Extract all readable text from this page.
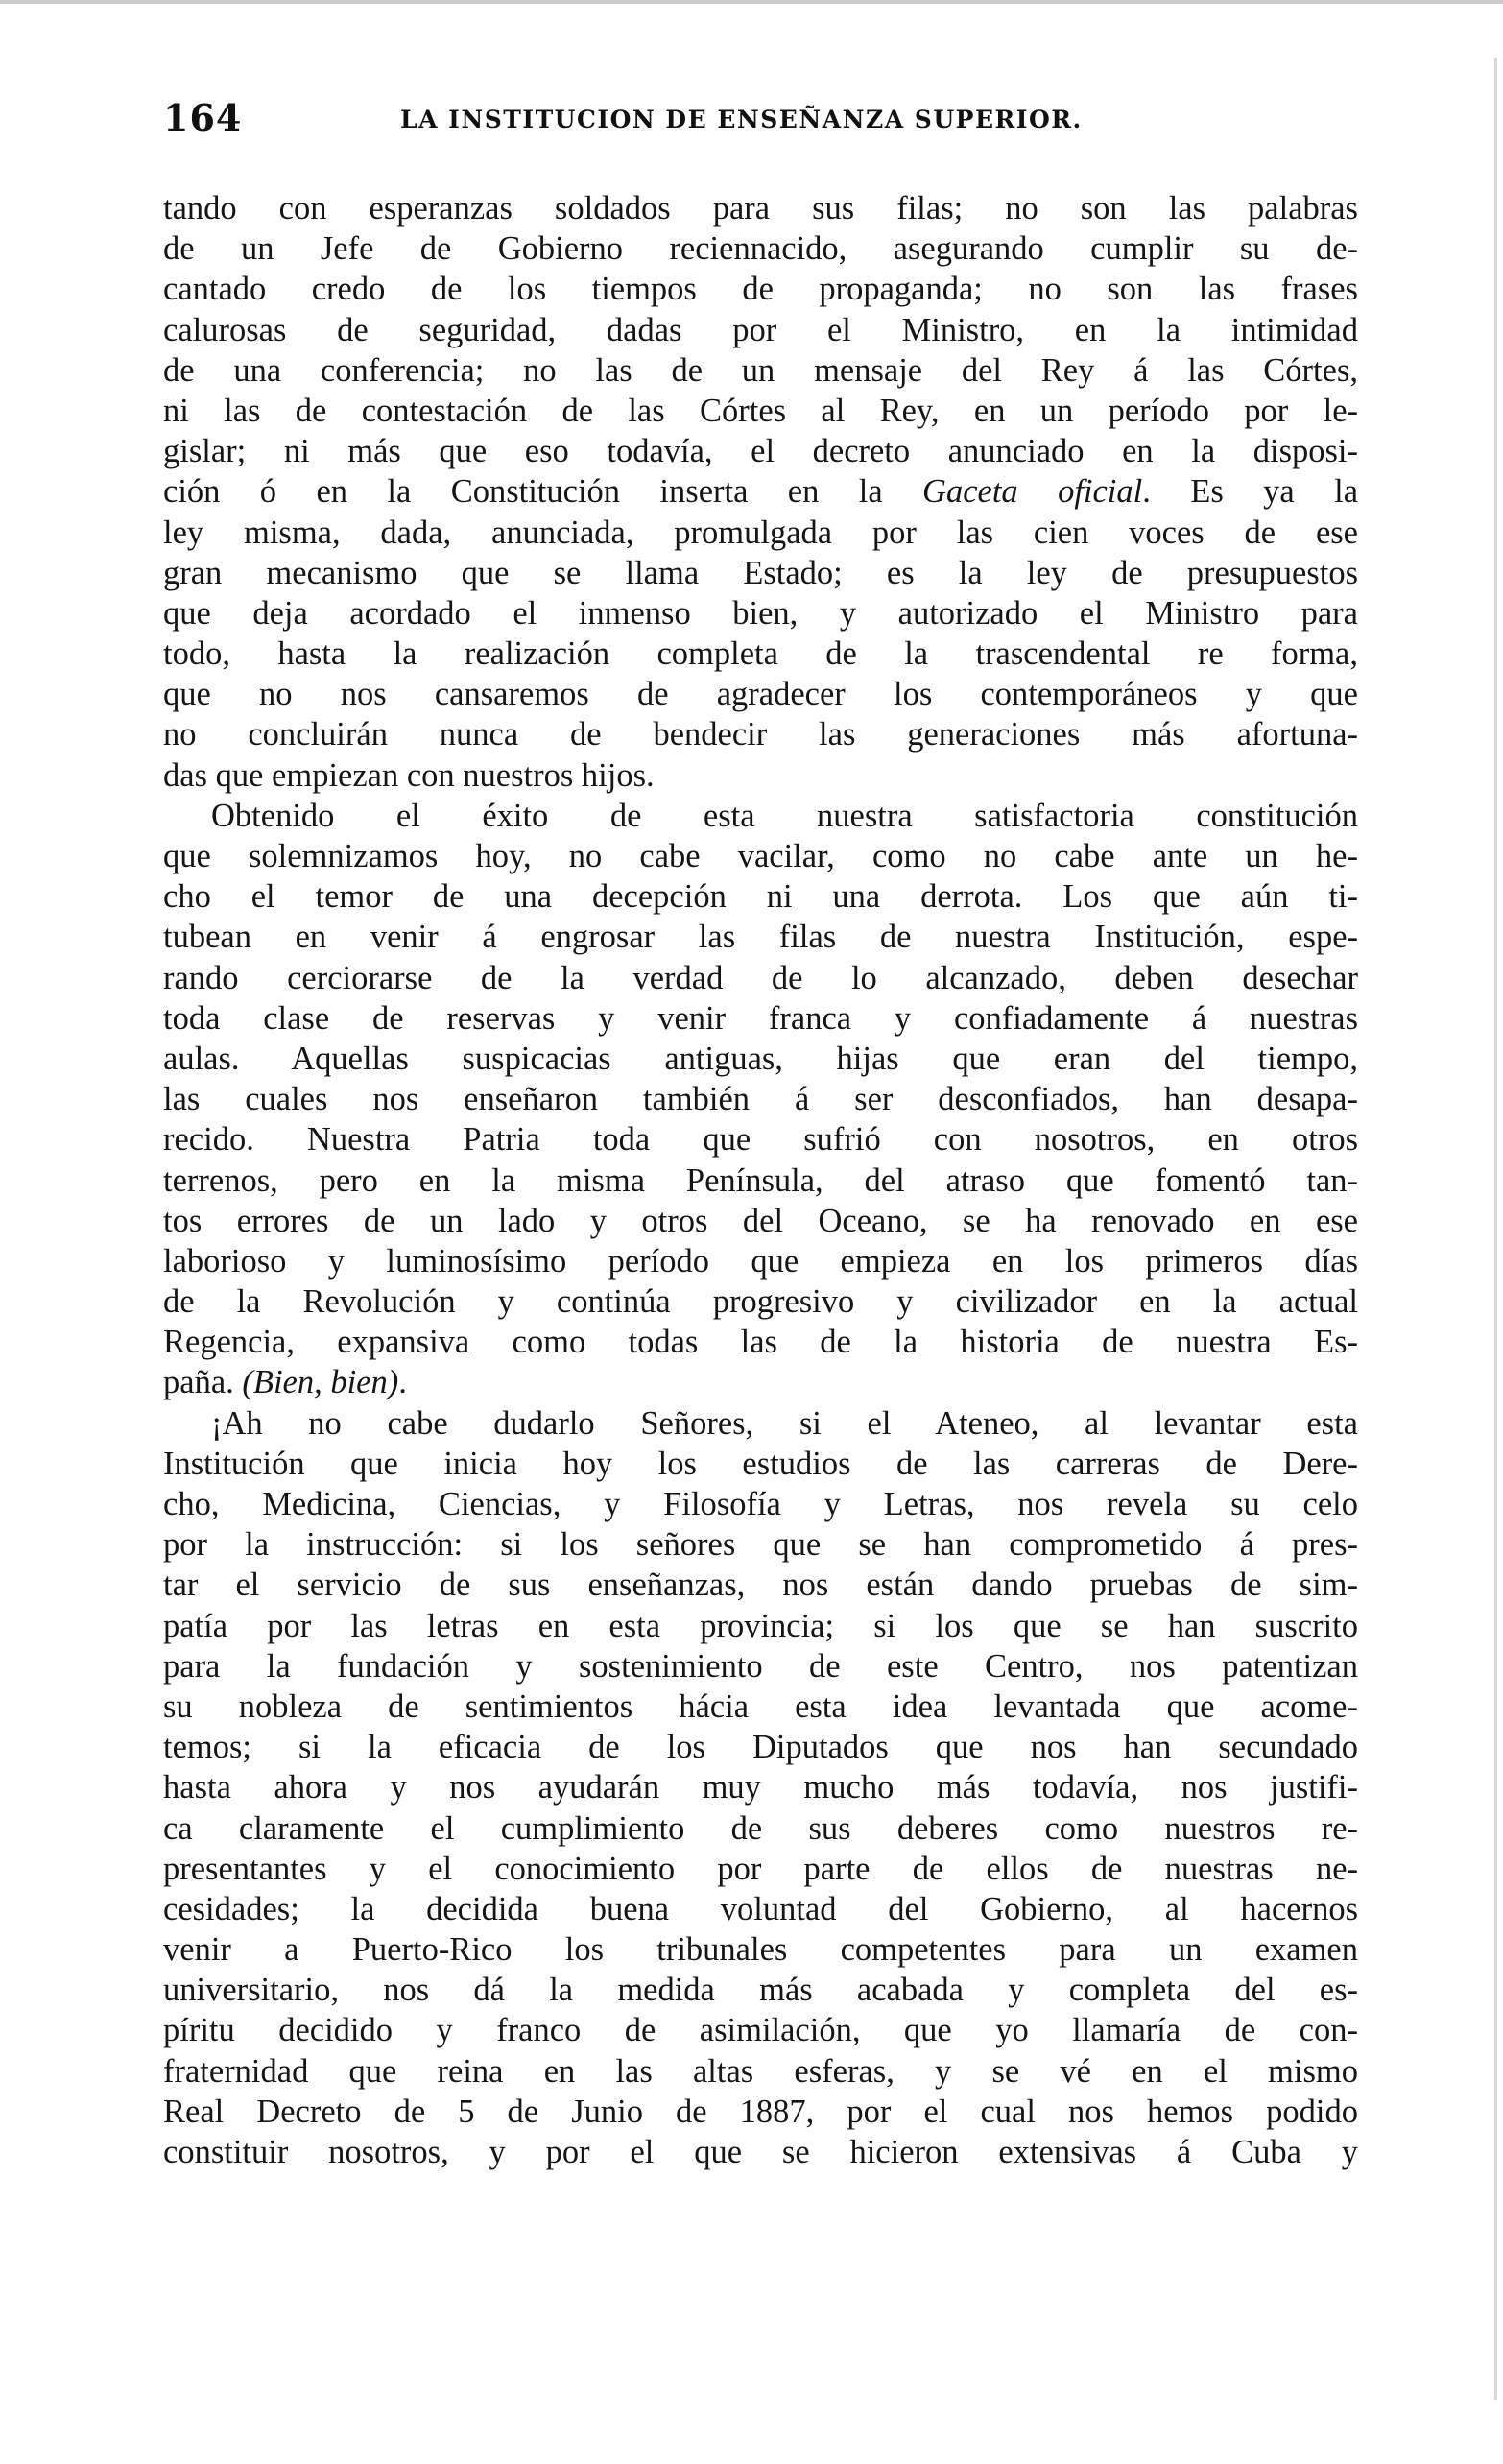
164	LA INSTITUCION DE ENSEÑANZA SUPERIOR.
tando con esperanzas soldados para sus filas; no son las palabras
de un Jefe de Gobierno reciennacido, asegurando cumplir su de-
cantado credo de los tiempos de propaganda; no son las frases
calurosas de seguridad, dadas por el Ministro, en la intimidad
de una conferencia; no las de un mensaje del Rey á las Córtes,
ni las de contestación de las Córtes al Rey, en un período por le-
gislar; ni más que eso todavía, el decreto anunciado en la disposi-
ción ó en la Constitución inserta en la Gaceta oficial. Es ya la
ley misma, dada, anunciada, promulgada por las cien voces de ese
gran mecanismo que se llama Estado; es la ley de presupuestos
que deja acordado el inmenso bien, y autorizado el Ministro para
todo, hasta la realización completa de la trascendental re forma,
que no nos cansaremos de agradecer los contemporáneos y que
no concluirán nunca de bendecir las generaciones más afortuna-
das que empiezan con nuestros hijos.
Obtenido el éxito de esta nuestra satisfactoria constitución
que solemnizamos hoy, no cabe vacilar, como no cabe ante un he-
cho el temor de una decepción ni una derrota. Los que aún ti-
tubean en venir á engrosar las filas de nuestra Institución, espe-
rando cerciorarse de la verdad de lo alcanzado, deben desechar
toda clase de reservas y venir franca y confiadamente á nuestras
aulas. Aquellas suspicacias antiguas, hijas que eran del tiempo,
las cuales nos enseñaron también á ser desconfiados, han desapa-
recido. Nuestra Patria toda que sufrió con nosotros, en otros
terrenos, pero en la misma Península, del atraso que fomentó tan-
tos errores de un lado y otros del Oceano, se ha renovado en ese
laborioso y luminosísimo período que empieza en los primeros días
de la Revolución y continúa progresivo y civilizador en la actual
Regencia, expansiva como todas las de la historia de nuestra Es-
paña. (Bien, bien).
¡Ah no cabe dudarlo Señores, si el Ateneo, al levantar esta
Institución que inicia hoy los estudios de las carreras de Dere-
cho, Medicina, Ciencias, y Filosofía y Letras, nos revela su celo
por la instrucción: si los señores que se han comprometido á pres-
tar el servicio de sus enseñanzas, nos están dando pruebas de sim-
patía por las letras en esta provincia; si los que se han suscrito
para la fundación y sostenimiento de este Centro, nos patentizan
su nobleza de sentimientos hácia esta idea levantada que acome-
temos; si la eficacia de los Diputados que nos han secundado
hasta ahora y nos ayudarán muy mucho más todavía, nos justifi-
ca claramente el cumplimiento de sus deberes como nuestros re-
presentantes y el conocimiento por parte de ellos de nuestras ne-
cesidades; la decidida buena voluntad del Gobierno, al hacernos
venir a Puerto-Rico los tribunales competentes para un examen
universitario, nos dá la medida más acabada y completa del es-
píritu decidido y franco de asimilación, que yo llamaría de con-
fraternidad que reina en las altas esferas, y se vé en el mismo
Real Decreto de 5 de Junio de 1887, por el cual nos hemos podido
constituir nosotros, y por el que se hicieron extensivas á Cuba y
